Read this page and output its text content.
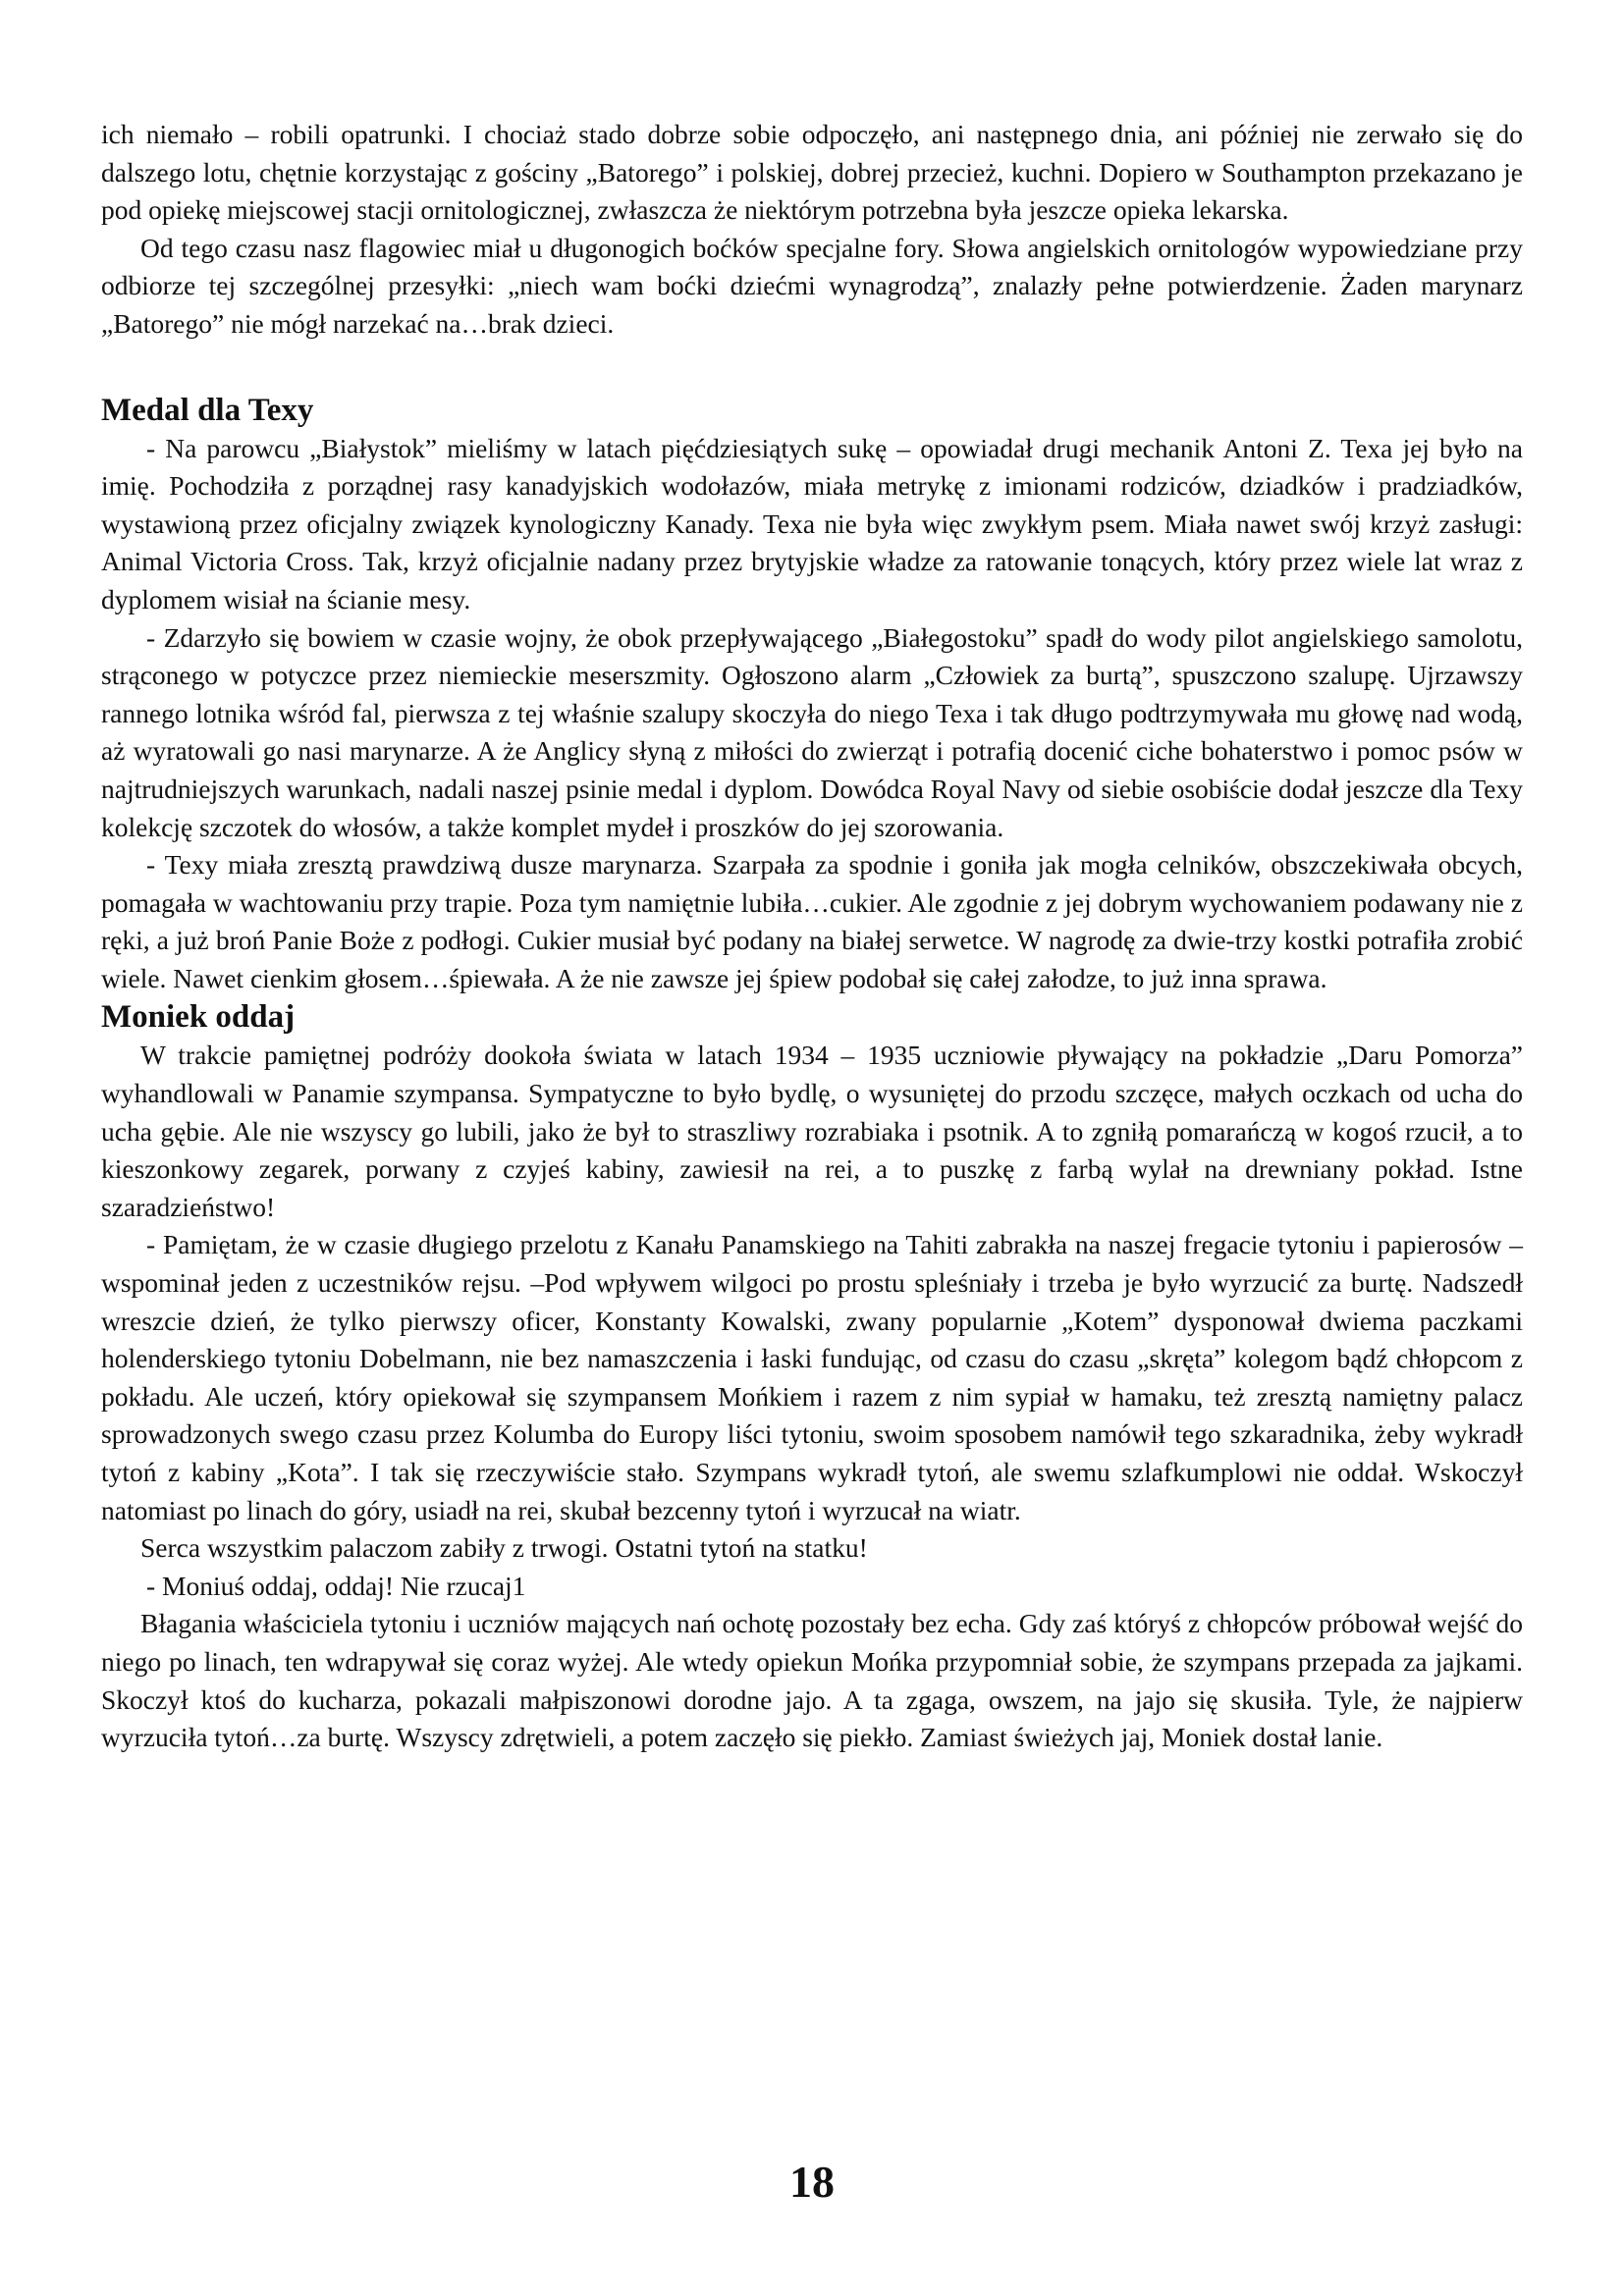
ich niemało – robili opatrunki. I chociaż stado dobrze sobie odpoczęło, ani następnego dnia, ani później nie zerwało się do dalszego lotu, chętnie korzystając z gościny „Batorego” i polskiej, dobrej przecież, kuchni. Dopiero w Southampton przekazano je pod opiekę miejscowej stacji ornitologicznej, zwłaszcza że niektórym potrzebna była jeszcze opieka lekarska.

Od tego czasu nasz flagowiec miał u długonogich boćków specjalne fory. Słowa angielskich ornitologów wypowiedziane przy odbiorze tej szczególnej przesyłki: „niech wam boćki dziećmi wynagrodzą”, znalazły pełne potwierdzenie. Żaden marynarz „Batorego” nie mógł narzekać na…brak dzieci.

Medal dla Texy

- Na parowcu „Białystok” mieliśmy w latach pięćdziesiątych sukę – opowiadał drugi mechanik Antoni Z. Texa jej było na imię. Pochodziła z porządnej rasy kanadyjskich wodołazów, miała metrykę z imionami rodziców, dziadków i pradziadków, wystawioną przez oficjalny związek kynologiczny Kanady. Texa nie była więc zwykłym psem. Miała nawet swój krzyż zasługi: Animal Victoria Cross. Tak, krzyż oficjalnie nadany przez brytyjskie władze za ratowanie tonących, który przez wiele lat wraz z dyplomem wisiał na ścianie mesy.

- Zdarzyło się bowiem w czasie wojny, że obok przepływającego „Białegostoku” spadł do wody pilot angielskiego samolotu, strąconego w potyczce przez niemieckie meserszmity. Ogłoszono alarm „Człowiek za burtą”, spuszczono szalupę. Ujrzawszy rannego lotnika wśród fal, pierwsza z tej właśnie szalupy skoczyła do niego Texa i tak długo podtrzymywała mu głowę nad wodą, aż wyratowali go nasi marynarze. A że Anglicy słyną z miłości do zwierząt i potrafią docenić ciche bohaterstwo i pomoc psów w najtrudniejszych warunkach, nadali naszej psinie medal i dyplom. Dowódca Royal Navy od siebie osobiście dodał jeszcze dla Texy kolekcję szczotek do włosów, a także komplet mydeł i proszków do jej szorowania.

- Texy miała zresztą prawdziwą dusze marynarza. Szarpała za spodnie i goniła jak mogła celników, obszczekiwała obcych, pomagała w wachtowaniu przy trapie. Poza tym namiętnie lubiła…cukier. Ale zgodnie z jej dobrym wychowaniem podawany nie z ręki, a już broń Panie Boże z podłogi. Cukier musiał być podany na białej serwetce. W nagrodę za dwie-trzy kostki potrafiła zrobić wiele. Nawet cienkim głosem…śpiewała. A że nie zawsze jej śpiew podobał się całej załodze, to już inna sprawa.

Moniek oddaj

W trakcie pamiętnej podróży dookoła świata w latach 1934 – 1935 uczniowie pływający na pokładzie „Daru Pomorza” wyhandlowali w Panamie szympansa. Sympatyczne to było bydlę, o wysuniętej do przodu szczęce, małych oczkach od ucha do ucha gębie. Ale nie wszyscy go lubili, jako że był to straszliwy rozrabiaka i psotnik. A to zgniłą pomarańczą w kogoś rzucił, a to kieszonkowy zegarek, porwany z czyjeś kabiny, zawiesił na rei, a to puszkę z farbą wylał na drewniany pokład. Istne szaradzieństwo!

- Pamiętam, że w czasie długiego przelotu z Kanału Panamskiego na Tahiti zabrakła na naszej fregacie tytoniu i papierosów – wspominał jeden z uczestników rejsu. –Pod wpływem wilgoci po prostu spleśniały i trzeba je było wyrzucić za burtę. Nadszedł wreszcie dzień, że tylko pierwszy oficer, Konstanty Kowalski, zwany popularnie „Kotem” dysponował dwiema paczkami holenderskiego tytoniu Dobelmann, nie bez namaszczenia i łaski fundując, od czasu do czasu „skręta” kolegom bądź chłopcom z pokładu. Ale uczeń, który opiekował się szympansem Mońkiem i razem z nim sypiał w hamaku, też zresztą namiętny palacz sprowadzonych swego czasu przez Kolumba do Europy liści tytoniu, swoim sposobem namówił tego szkaradnika, żeby wykradł tytoń z kabiny „Kota”. I tak się rzeczywiście stało. Szympans wykradł tytoń, ale swemu szlafkumplowi nie oddał. Wskoczył natomiast po linach do góry, usiadł na rei, skubał bezcenny tytoń i wyrzucał na wiatr.

Serca wszystkim palaczom zabiły z trwogi. Ostatni tytoń na statku!

- Moniuś oddaj, oddaj! Nie rzucaj1

Błagania właściciela tytoniu i uczniów mających nań ochotę pozostały bez echa. Gdy zaś któryś z chłopców próbował wejść do niego po linach, ten wdrapywał się coraz wyżej. Ale wtedy opiekun Mońka przypomniał sobie, że szympans przepada za jajkami. Skoczył ktoś do kucharza, pokazali małpiszonowi dorodne jajo. A ta zgaga, owszem, na jajo się skusiła. Tyle, że najpierw wyrzuciła tytoń…za burtę. Wszyscy zdrętwieli, a potem zaczęło się piekło. Zamiast świeżych jaj, Moniek dostał lanie.

18
